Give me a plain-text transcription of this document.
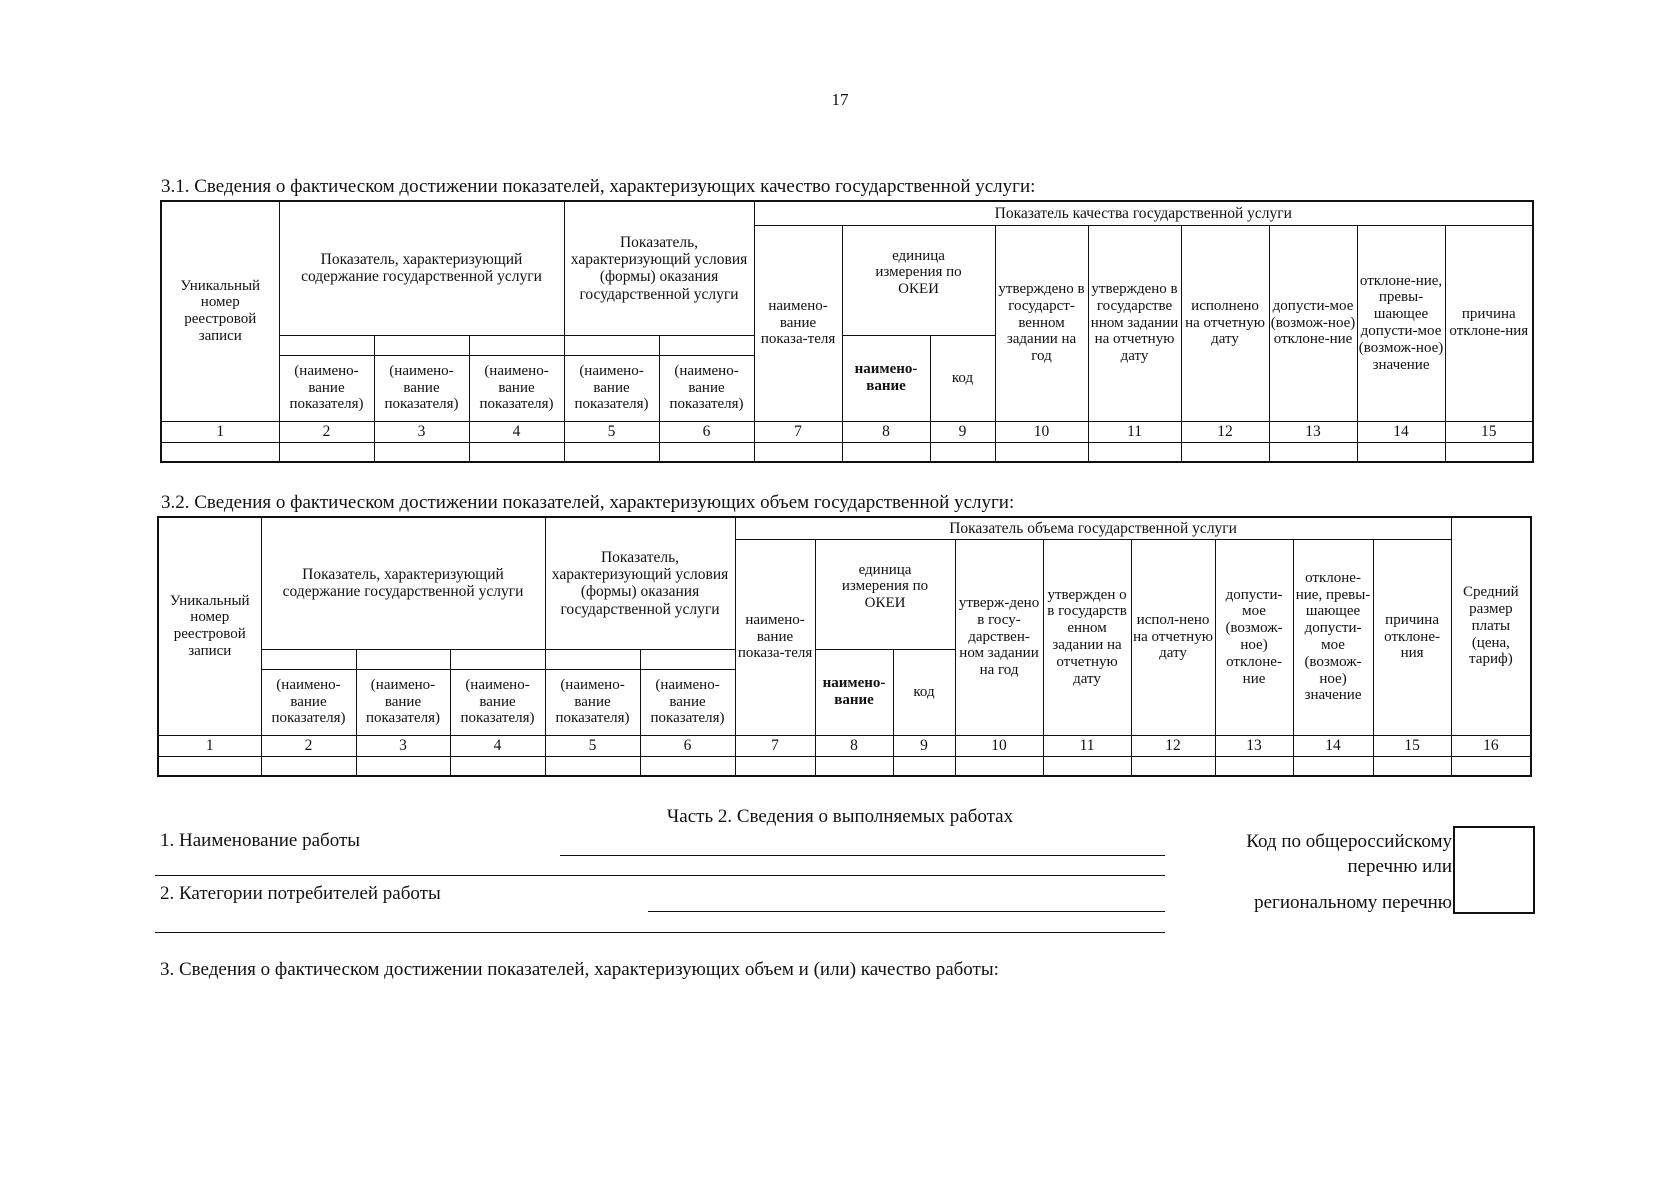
17
3.1. Сведения о фактическом достижении показателей, характеризующих качество государственной услуги:
Уникальный номер реестровой записи	Показатель, характеризующий содержание государственной услуги			Показатель, характеризующий условия (формы) оказания государственной услуги		Показатель качества государственной услуги								
						наимено-вание показа-теля	единица измерения по ОКЕИ		утверждено в государст-венном задании на год	утверждено в государстве нном задании на отчетную дату	исполнено на отчетную дату	допусти-мое (возмож-ное) отклоне-ние	отклоне-ние, превы-шающее допусти-мое (возмож-ное) значение	причина отклоне-ния
							наимено-вание	код						
	(наимено-вание показателя)	(наимено-вание показателя)	(наимено-вание показателя)	(наимено-вание показателя)	(наимено-вание показателя)									
1	2	3	4	5	6	7	8	9	10	11	12	13	14	15

3.2. Сведения о фактическом достижении показателей, характеризующих объем государственной услуги:
Уникальный номер реестровой записи	Показатель, характеризующий содержание государственной услуги			Показатель, характеризующий условия (формы) оказания государственной услуги		Показатель объема государственной услуги									Средний размер платы (цена, тариф)
						наимено-вание показа-теля	единица измерения по ОКЕИ		утверж-дено в госу-дарствен-ном задании на год	утвержден о в государств енном задании на отчетную дату	испол-нено на отчетную дату	допусти-мое (возмож-ное) отклоне-ние	отклоне-ние, превы-шающее допусти-мое (возмож-ное) значение	причина отклоне-ния	
							наимено-вание	код							
	(наимено-вание показателя)	(наимено-вание показателя)	(наимено-вание показателя)	(наимено-вание показателя)	(наимено-вание показателя)										
1	2	3	4	5	6	7	8	9	10	11	12	13	14	15	16

Часть 2. Сведения о выполняемых работах
1. Наименование работы
2. Категории потребителей работы
Код по общероссийскому
перечню или
региональному перечню
3. Сведения о фактическом достижении показателей, характеризующих объем и (или) качество работы:
